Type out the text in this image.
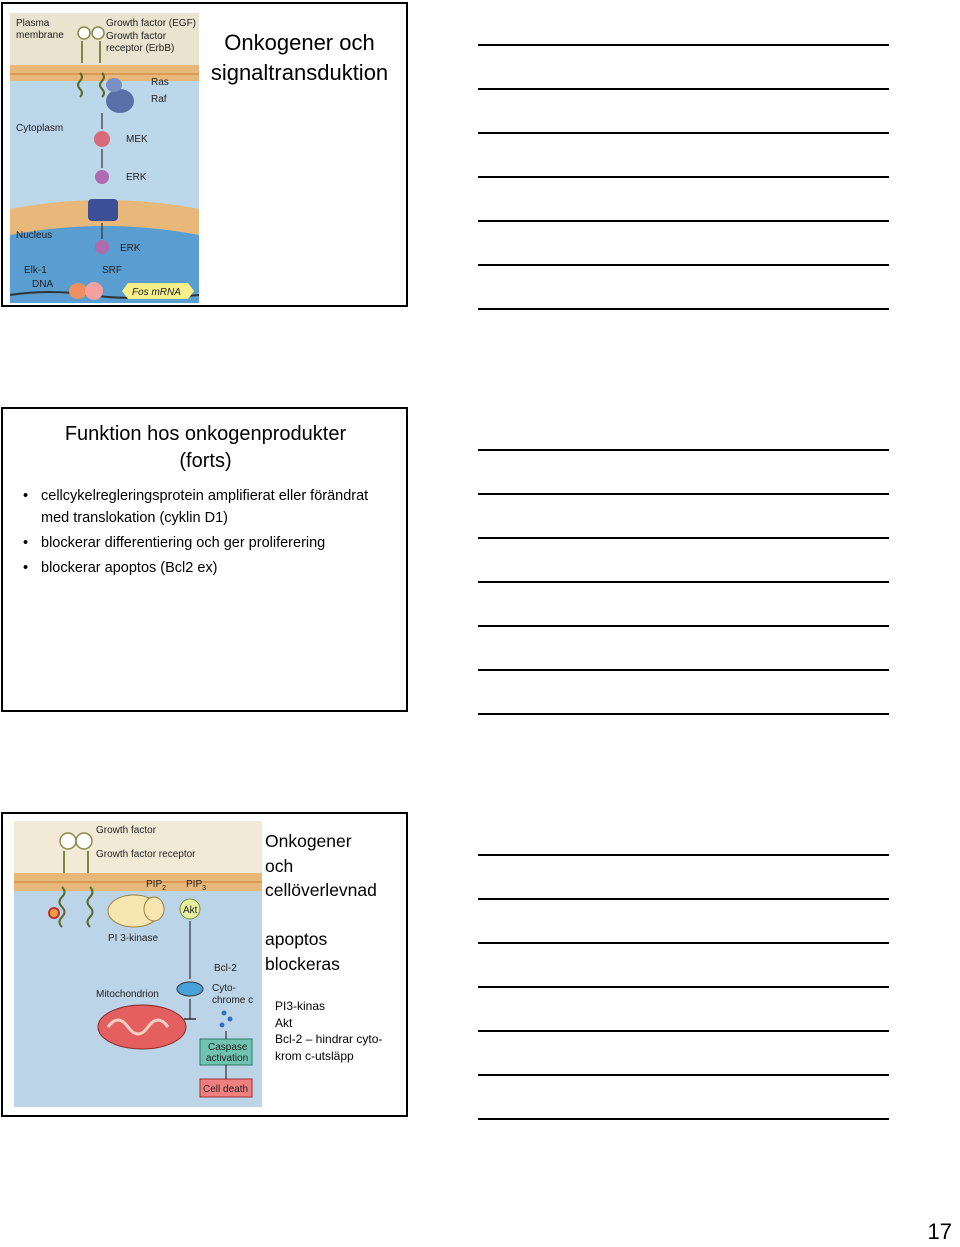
Plasma
membrane
Growth factor (EGF)
Growth factor
receptor (ErbB)
Ras
Raf
Cytoplasm
MEK
ERK
Nucleus
ERK
Elk-1	SRF
DNA
Fos mRNA
Onkogener och
signaltransduktion
Funktion hos onkogenprodukter
(forts)
• cellcykelregleringsprotein amplifierat eller förändrat med translokation (cyklin D1)
• blockerar differentiering och ger proliferering
• blockerar apoptos (Bcl2 ex)
Growth factor
Growth factor receptor
$PIP_2$ $PIP_3$
Akt
PI 3-kinase
Bcl-2
Mitochondrion
Cyto-
chrome c
Caspase
activation
Cell death
Onkogener
och
cellöverlevnad
apoptos
blockeras
PI3-kinas
Akt
Bcl-2 – hindrar cyto-
krom c-utsläpp
17
